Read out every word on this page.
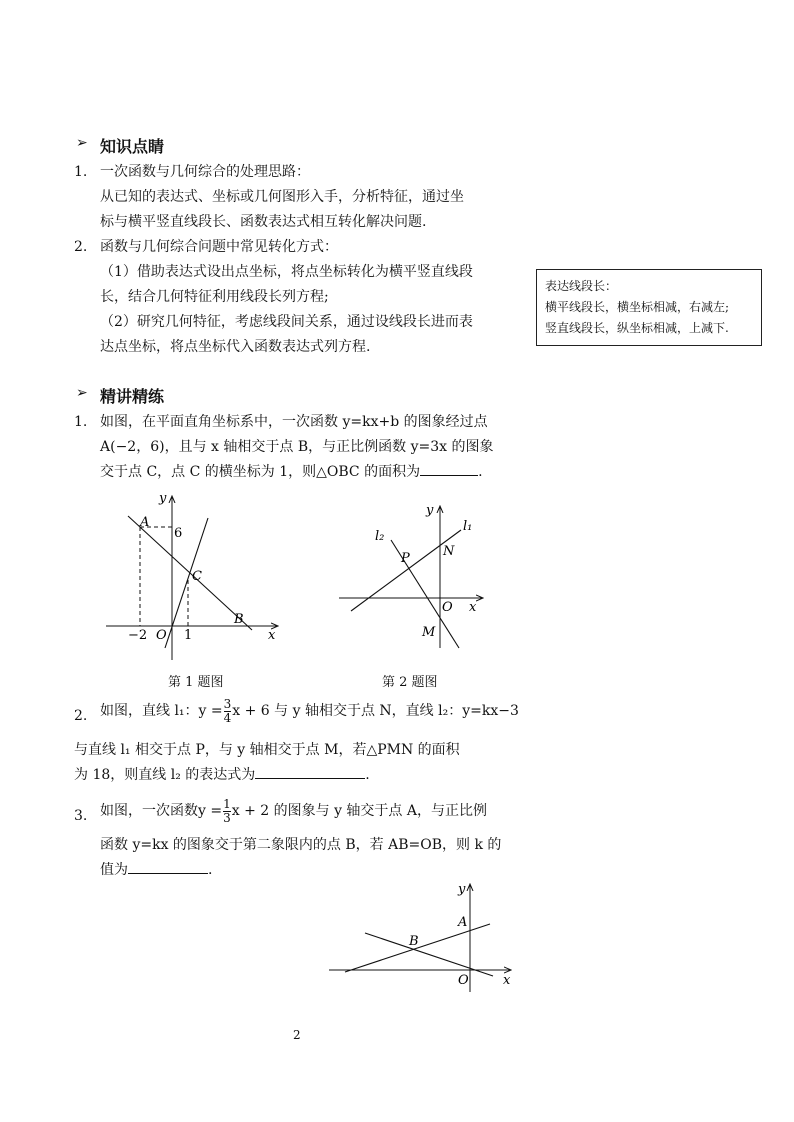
➢ 知识点睛
1. 一次函数与几何综合的处理思路：
从已知的表达式、坐标或几何图形入手，分析特征，通过坐
标与横平竖直线段长、函数表达式相互转化解决问题.
2. 函数与几何综合问题中常见转化方式：
（1）借助表达式设出点坐标，将点坐标转化为横平竖直线段
长，结合几何特征利用线段长列方程;
（2）研究几何特征，考虑线段间关系，通过设线段长进而表
达点坐标，将点坐标代入函数表达式列方程.
表达线段长：
横平线段长，横坐标相减，右减左;
竖直线段长，纵坐标相减，上减下.
➢ 精讲精练
1. 如图，在平面直角坐标系中，一次函数 y=kx+b 的图象经过点
A(−2，6)，且与 x 轴相交于点 B，与正比例函数 y=3x 的图象
交于点 C，点 C 的横坐标为 1，则△OBC 的面积为	.
y
x
A
6
C
B
O
−2	1
第 1 题图
y
x
l₁
l₂
P	N
O
M
第 2 题图
2. 如图，直线 l₁：$y = \frac{3}{4}$ x + 6 与 y 轴相交于点 N，直线 l₂：y=kx−3
与直线 l₁ 相交于点 P，与 y 轴相交于点 M，若△PMN 的面积
为 18，则直线 l₂ 的表达式为	.
3. 如图，一次函数$y = \frac{1}{3}$ x + 2 的图象与 y 轴交于点 A，与正比例
函数 y=kx 的图象交于第二象限内的点 B，若 AB=OB，则 k 的
值为	.
y
x
A
B
O
2
